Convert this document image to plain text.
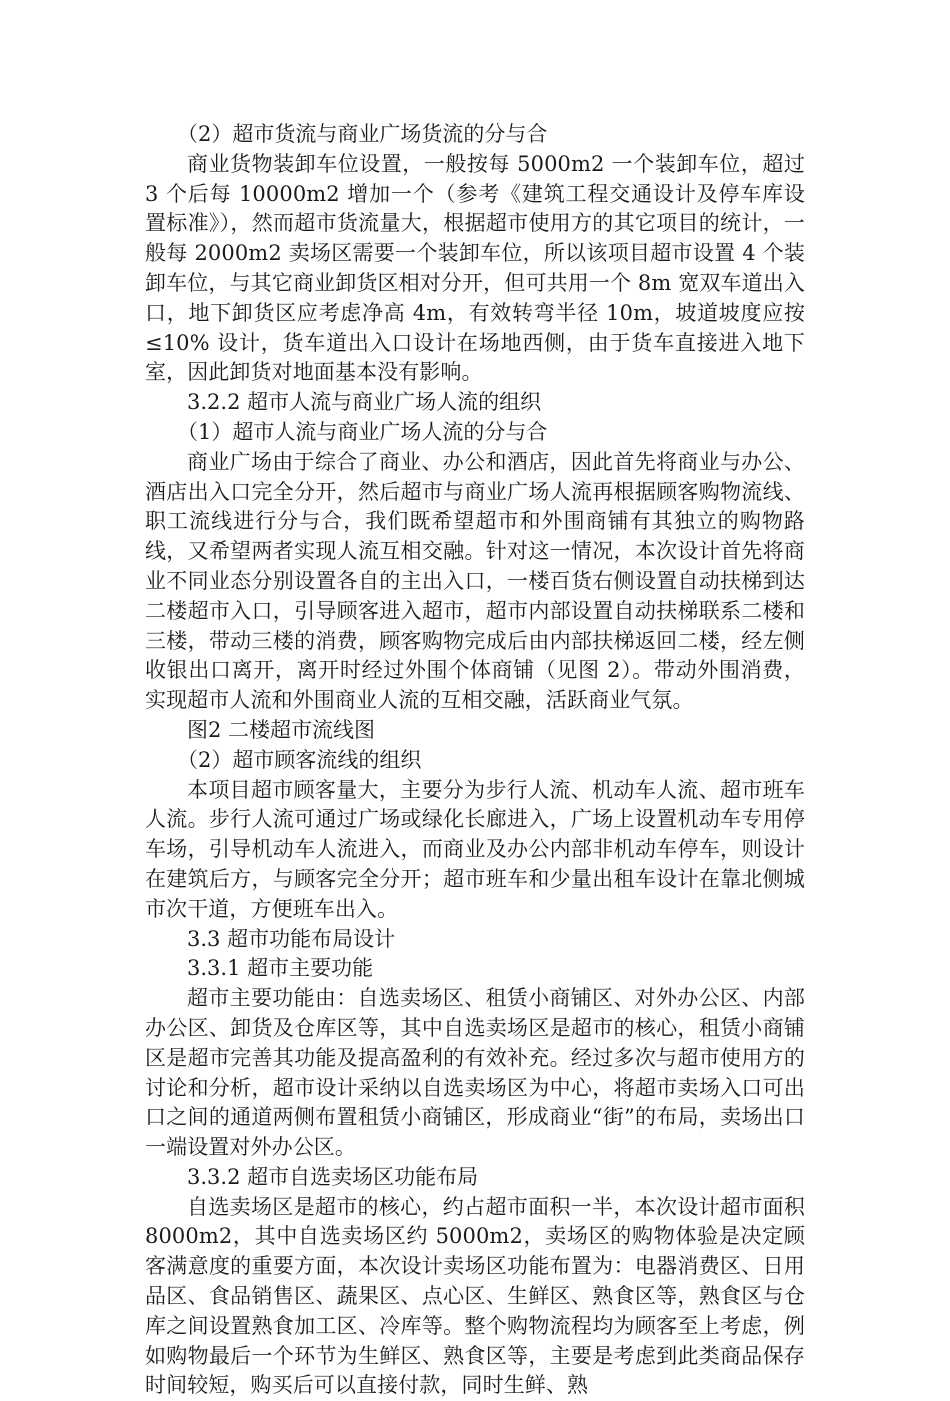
（2）超市货流与商业广场货流的分与合

商业货物装卸车位设置，一般按每 5000m2 一个装卸车位，超过 3 个后每 10000m2 增加一个（参考《建筑工程交通设计及停车库设置标准》），然而超市货流量大，根据超市使用方的其它项目的统计，一般每 2000m2 卖场区需要一个装卸车位，所以该项目超市设置 4 个装卸车位，与其它商业卸货区相对分开，但可共用一个 8m 宽双车道出入口，地下卸货区应考虑净高 4m，有效转弯半径 10m，坡道坡度应按≤10% 设计，货车道出入口设计在场地西侧，由于货车直接进入地下室，因此卸货对地面基本没有影响。

3.2.2 超市人流与商业广场人流的组织

（1）超市人流与商业广场人流的分与合

商业广场由于综合了商业、办公和酒店，因此首先将商业与办公、酒店出入口完全分开，然后超市与商业广场人流再根据顾客购物流线、职工流线进行分与合，我们既希望超市和外围商铺有其独立的购物路线，又希望两者实现人流互相交融。针对这一情况，本次设计首先将商业不同业态分别设置各自的主出入口，一楼百货右侧设置自动扶梯到达二楼超市入口，引导顾客进入超市，超市内部设置自动扶梯联系二楼和三楼，带动三楼的消费，顾客购物完成后由内部扶梯返回二楼，经左侧收银出口离开，离开时经过外围个体商铺（见图 2）。带动外围消费，实现超市人流和外围商业人流的互相交融，活跃商业气氛。

图2 二楼超市流线图

（2）超市顾客流线的组织

本项目超市顾客量大，主要分为步行人流、机动车人流、超市班车人流。步行人流可通过广场或绿化长廊进入，广场上设置机动车专用停车场，引导机动车人流进入，而商业及办公内部非机动车停车，则设计在建筑后方，与顾客完全分开；超市班车和少量出租车设计在靠北侧城市次干道，方便班车出入。

3.3 超市功能布局设计

3.3.1 超市主要功能

超市主要功能由：自选卖场区、租赁小商铺区、对外办公区、内部办公区、卸货及仓库区等，其中自选卖场区是超市的核心，租赁小商铺区是超市完善其功能及提高盈利的有效补充。经过多次与超市使用方的讨论和分析，超市设计采纳以自选卖场区为中心，将超市卖场入口可出口之间的通道两侧布置租赁小商铺区，形成商业“街”的布局，卖场出口一端设置对外办公区。

3.3.2 超市自选卖场区功能布局

自选卖场区是超市的核心，约占超市面积一半，本次设计超市面积 8000m2，其中自选卖场区约 5000m2，卖场区的购物体验是决定顾客满意度的重要方面，本次设计卖场区功能布置为：电器消费区、日用品区、食品销售区、蔬果区、点心区、生鲜区、熟食区等，熟食区与仓库之间设置熟食加工区、冷库等。整个购物流程均为顾客至上考虑，例如购物最后一个环节为生鲜区、熟食区等，主要是考虑到此类商品保存时间较短，购买后可以直接付款，同时生鲜、熟
